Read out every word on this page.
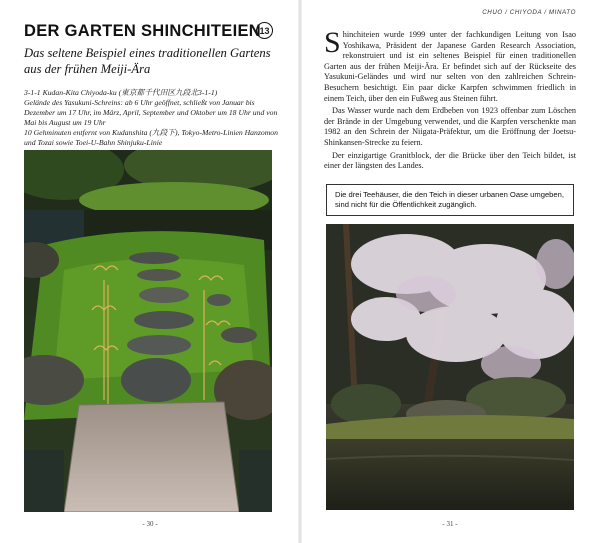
DER GARTEN SHINCHITEIEN
13
Das seltene Beispiel eines traditionellen Gartens aus der frühen Meiji-Ära

3-1-1 Kudan-Kita Chiyoda-ku (東京都千代田区九段北3-1-1)

Gelände des Yasukuni-Schreins: ab 6 Uhr geöffnet, schließt von Januar bis Dezember um 17 Uhr, im März, April, September und Oktober um 18 Uhr und von Mai bis August um 19 Uhr

10 Gehminuten entfernt von Kudanshita (九段下), Tokyo-Metro-Linien Hanzomon und Tozai sowie Toei-U-Bahn Shinjuku-Linie

- 30 -
CHUO / CHIYODA / MINATO

Shinchiteien wurde 1999 unter der fachkundigen Leitung von Isao Yoshikawa, Präsident der Japanese Garden Research Association, rekonstruiert und ist ein seltenes Beispiel für einen traditionellen Garten aus der frühen Meiji-Ära. Er befindet sich auf der Rückseite des Yasukuni-Geländes und wird nur selten von den zahlreichen Schrein-Besuchern besichtigt. Ein paar dicke Karpfen schwimmen friedlich in einem Teich, über den ein Fußweg aus Steinen führt.

Das Wasser wurde nach dem Erdbeben von 1923 offenbar zum Löschen der Brände in der Umgebung verwendet, und die Karpfen verschenkte man 1982 an den Schrein der Niigata-Präfektur, um die Eröffnung der Joetsu-Shinkansen-Strecke zu feiern.

Der einzigartige Granitblock, der die Brücke über den Teich bildet, ist einer der längsten des Landes.

Die drei Teehäuser, die den Teich in dieser urbanen Oase umgeben, sind nicht für die Öffentlichkeit zugänglich.
- 31 -
